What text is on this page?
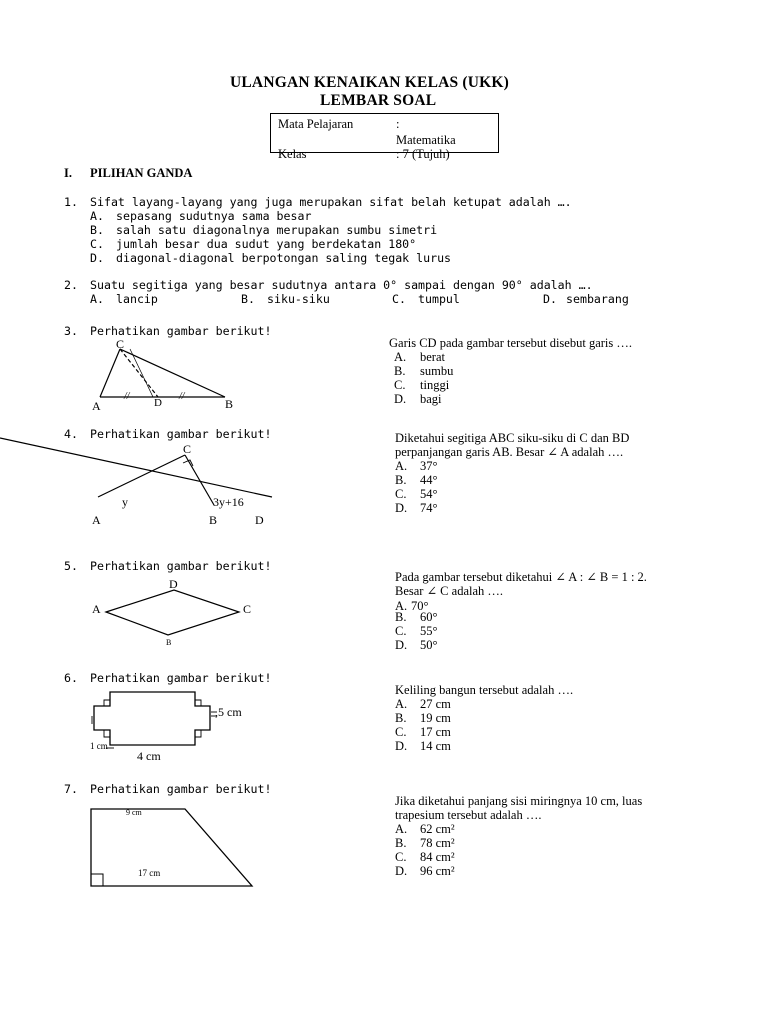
ULANGAN KENAIKAN KELAS (UKK)
LEMBAR SOAL
Mata Pelajaran	:
Matematika
Kelas	: 7 (Tujuh)
I. PILIHAN GANDA
1. Sifat layang-layang yang juga merupakan sifat belah ketupat adalah ….
A. sepasang sudutnya sama besar
B. salah satu diagonalnya merupakan sumbu simetri
C. jumlah besar dua sudut yang berdekatan 180°
D. diagonal-diagonal berpotongan saling tegak lurus
2. Suatu segitiga yang besar sudutnya antara 0° sampai dengan 90° adalah ….
A. lancip	B. siku-siku	C. tumpul	D. sembarang
3. Perhatikan gambar berikut!
C
A	D	B
//	//
Garis CD pada gambar tersebut disebut garis ….
A. berat
B. sumbu
C. tinggi
D. bagi
4. Perhatikan gambar berikut!
C
y	3y+16
A	B	D
Diketahui segitiga ABC siku-siku di C dan BD
perpanjangan garis AB. Besar ∠ A adalah ….
A. 37°
B. 44°
C. 54°
D. 74°
5. Perhatikan gambar berikut!
D
A	C
B
Pada gambar tersebut diketahui ∠ A : ∠ B = 1 : 2.
Besar ∠ C adalah ….
A. 70°
B. 60°
C. 55°
D. 50°
6. Perhatikan gambar berikut!
,5 cm
1 cm
4 cm
Keliling bangun tersebut adalah ….
A. 27 cm
B. 19 cm
C. 17 cm
D. 14 cm
7. Perhatikan gambar berikut!
9 cm
17 cm
Jika diketahui panjang sisi miringnya 10 cm, luas
trapesium tersebut adalah ….
A. 62 cm²
B. 78 cm²
C. 84 cm²
D. 96 cm²
